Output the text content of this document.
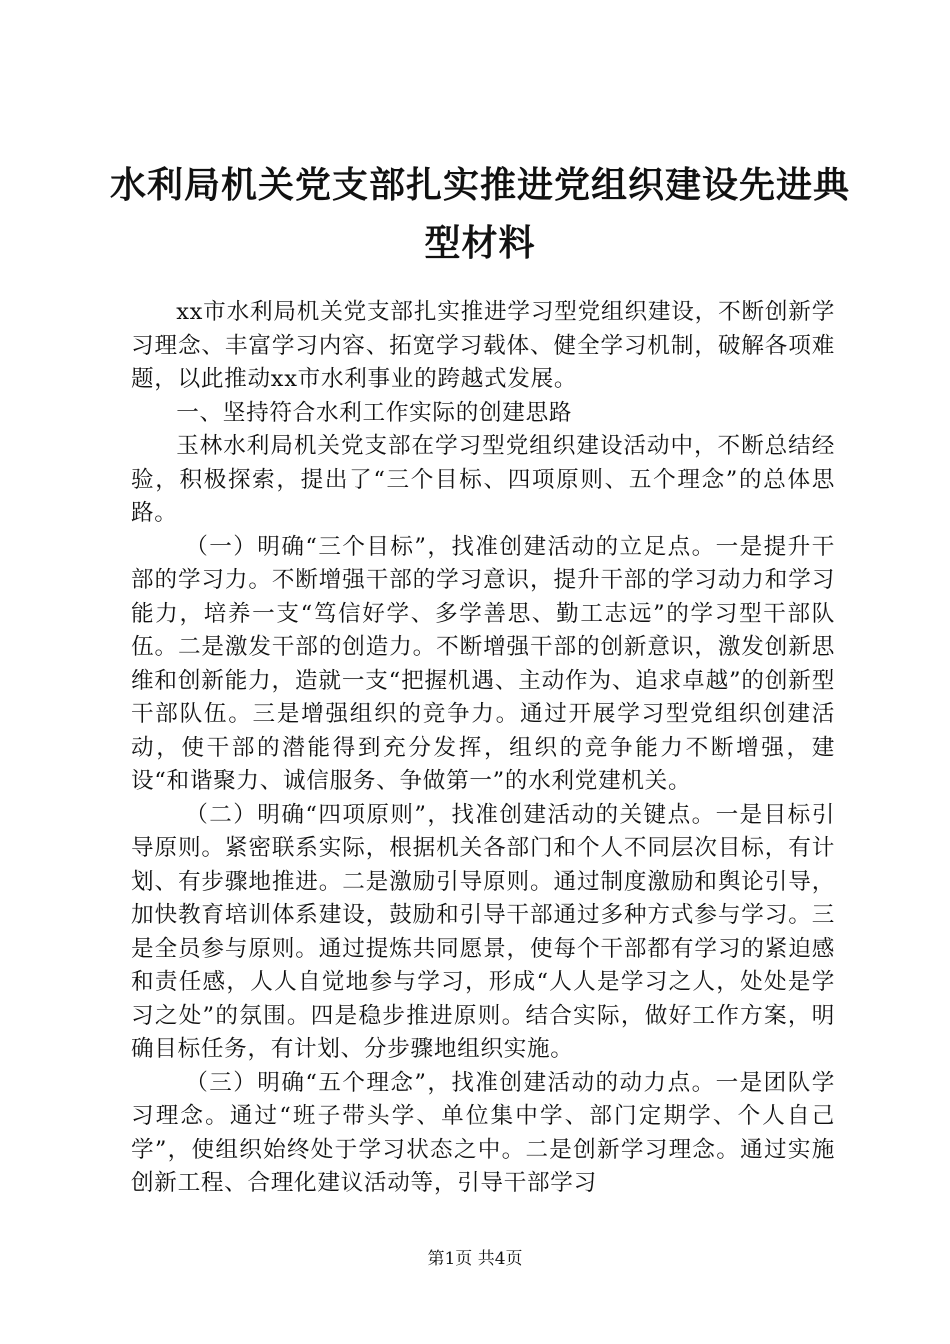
水利局机关党支部扎实推进党组织建设先进典型材料

xx市水利局机关党支部扎实推进学习型党组织建设，不断创新学习理念、丰富学习内容、拓宽学习载体、健全学习机制，破解各项难题，以此推动xx市水利事业的跨越式发展。

一、坚持符合水利工作实际的创建思路

玉林水利局机关党支部在学习型党组织建设活动中，不断总结经验，积极探索，提出了“三个目标、四项原则、五个理念”的总体思路。

（一）明确“三个目标”，找准创建活动的立足点。一是提升干部的学习力。不断增强干部的学习意识，提升干部的学习动力和学习能力，培养一支“笃信好学、多学善思、勤工志远”的学习型干部队伍。二是激发干部的创造力。不断增强干部的创新意识，激发创新思维和创新能力，造就一支“把握机遇、主动作为、追求卓越”的创新型干部队伍。三是增强组织的竞争力。通过开展学习型党组织创建活动，使干部的潜能得到充分发挥，组织的竞争能力不断增强，建设“和谐聚力、诚信服务、争做第一”的水利党建机关。

（二）明确“四项原则”，找准创建活动的关键点。一是目标引导原则。紧密联系实际，根据机关各部门和个人不同层次目标，有计划、有步骤地推进。二是激励引导原则。通过制度激励和舆论引导，加快教育培训体系建设，鼓励和引导干部通过多种方式参与学习。三是全员参与原则。通过提炼共同愿景，使每个干部都有学习的紧迫感和责任感，人人自觉地参与学习，形成“人人是学习之人，处处是学习之处”的氛围。四是稳步推进原则。结合实际，做好工作方案，明确目标任务，有计划、分步骤地组织实施。

（三）明确“五个理念”，找准创建活动的动力点。一是团队学习理念。通过“班子带头学、单位集中学、部门定期学、个人自己学”，使组织始终处于学习状态之中。二是创新学习理念。通过实施创新工程、合理化建议活动等，引导干部学习

第1页 共4页
